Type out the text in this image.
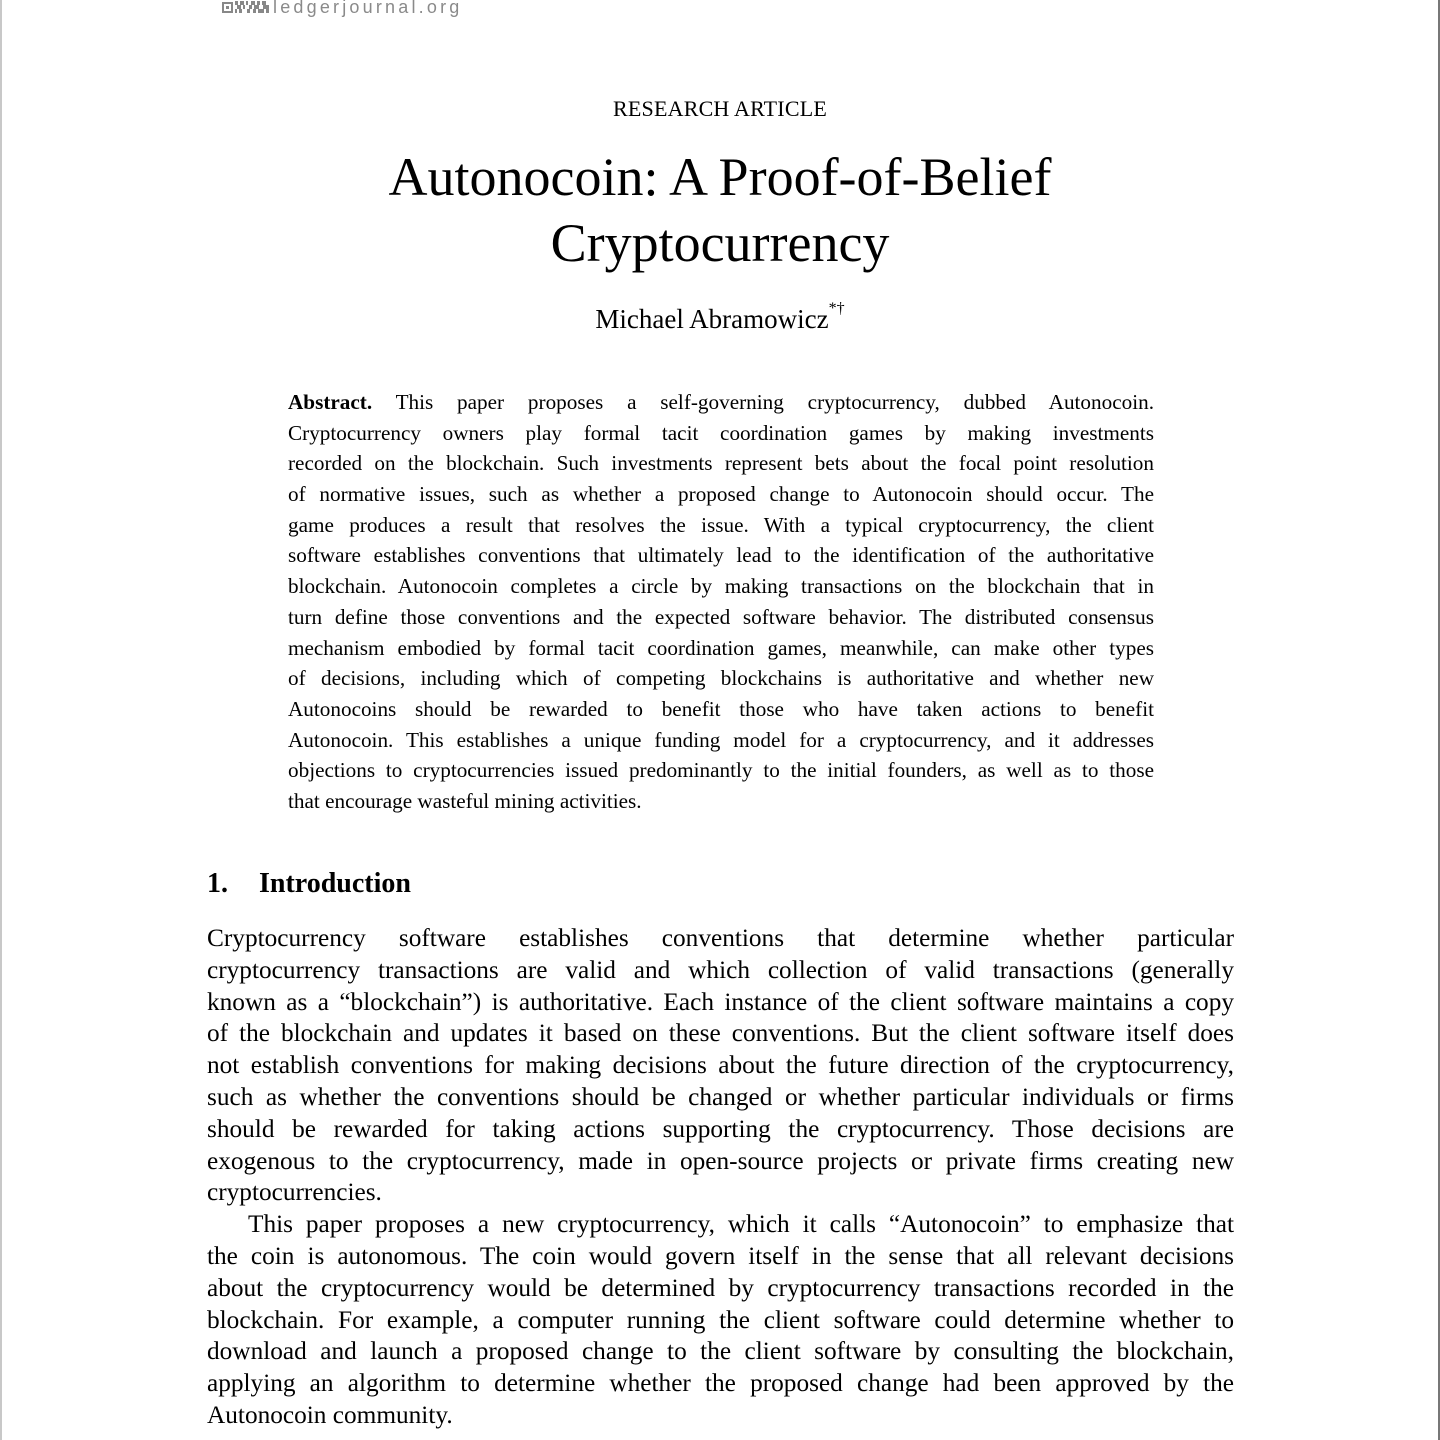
ledgerjournal.org
RESEARCH ARTICLE
Autonocoin: A Proof-of-Belief
Cryptocurrency
Michael Abramowicz*†
Abstract. This paper proposes a self-governing cryptocurrency, dubbed Autonocoin.
Cryptocurrency owners play formal tacit coordination games by making investments
recorded on the blockchain. Such investments represent bets about the focal point resolution
of normative issues, such as whether a proposed change to Autonocoin should occur. The
game produces a result that resolves the issue. With a typical cryptocurrency, the client
software establishes conventions that ultimately lead to the identification of the authoritative
blockchain. Autonocoin completes a circle by making transactions on the blockchain that in
turn define those conventions and the expected software behavior. The distributed consensus
mechanism embodied by formal tacit coordination games, meanwhile, can make other types
of decisions, including which of competing blockchains is authoritative and whether new
Autonocoins should be rewarded to benefit those who have taken actions to benefit
Autonocoin. This establishes a unique funding model for a cryptocurrency, and it addresses
objections to cryptocurrencies issued predominantly to the initial founders, as well as to those
that encourage wasteful mining activities.
1.	Introduction
Cryptocurrency software establishes conventions that determine whether particular
cryptocurrency transactions are valid and which collection of valid transactions (generally
known as a “blockchain”) is authoritative. Each instance of the client software maintains a copy
of the blockchain and updates it based on these conventions. But the client software itself does
not establish conventions for making decisions about the future direction of the cryptocurrency,
such as whether the conventions should be changed or whether particular individuals or firms
should be rewarded for taking actions supporting the cryptocurrency. Those decisions are
exogenous to the cryptocurrency, made in open-source projects or private firms creating new
cryptocurrencies.
This paper proposes a new cryptocurrency, which it calls “Autonocoin” to emphasize that
the coin is autonomous. The coin would govern itself in the sense that all relevant decisions
about the cryptocurrency would be determined by cryptocurrency transactions recorded in the
blockchain. For example, a computer running the client software could determine whether to
download and launch a proposed change to the client software by consulting the blockchain,
applying an algorithm to determine whether the proposed change had been approved by the
Autonocoin community.
